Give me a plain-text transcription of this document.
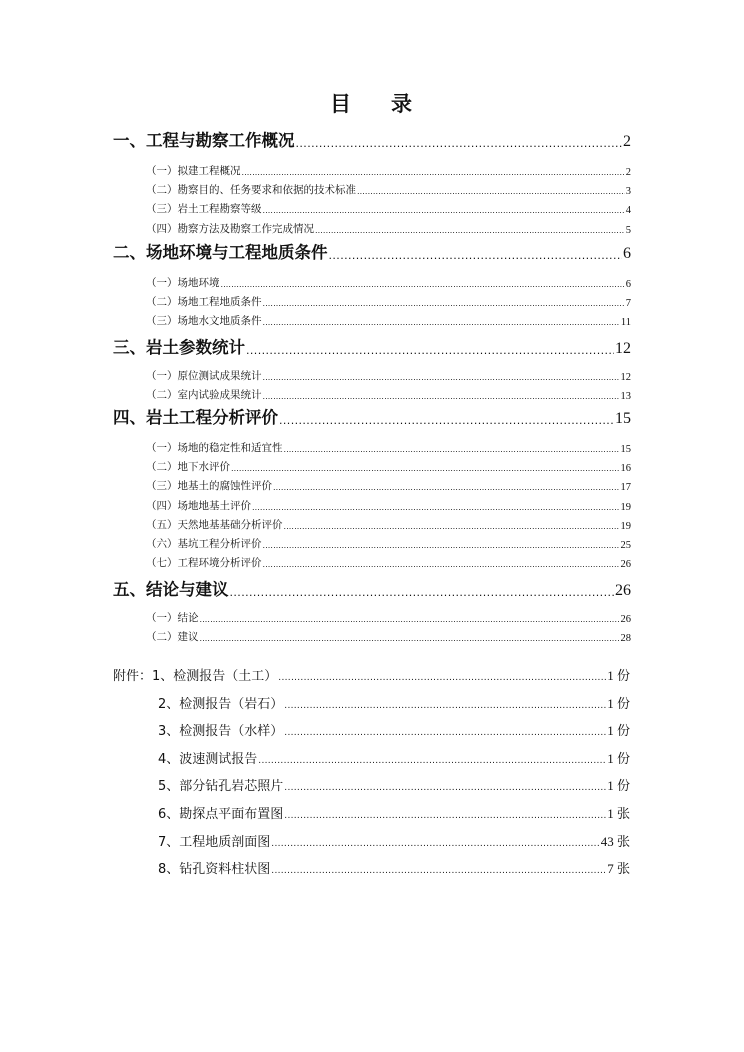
目 录
一、工程与勘察工作概况 .....	2
（一）拟建工程概况 .....	2
（二）勘察目的、任务要求和依据的技术标准 .....	3
（三）岩土工程勘察等级 .....	4
（四）勘察方法及勘察工作完成情况 .....	5
二、场地环境与工程地质条件 .....	6
（一）场地环境 .....	6
（二）场地工程地质条件 .....	7
（三）场地水文地质条件 .....	11
三、岩土参数统计 .....	12
（一）原位测试成果统计 .....	12
（二）室内试验成果统计 .....	13
四、岩土工程分析评价 .....	15
（一）场地的稳定性和适宜性 .....	15
（二）地下水评价 .....	16
（三）地基土的腐蚀性评价 .....	17
（四）场地地基土评价 .....	19
（五）天然地基基础分析评价 .....	19
（六）基坑工程分析评价 .....	25
（七）工程环境分析评价 .....	26
五、结论与建议 .....	26
（一）结论 .....	26
（二）建议 .....	28
附件： 1、检测报告（土工） .....	1 份
2、检测报告（岩石） .....	1 份
3、检测报告（水样） .....	1 份
4、波速测试报告 .....	1 份
5、部分钻孔岩芯照片 .....	1 份
6、勘探点平面布置图 .....	1 张
7、工程地质剖面图 .....	43 张
8、钻孔资料柱状图 .....	7 张
